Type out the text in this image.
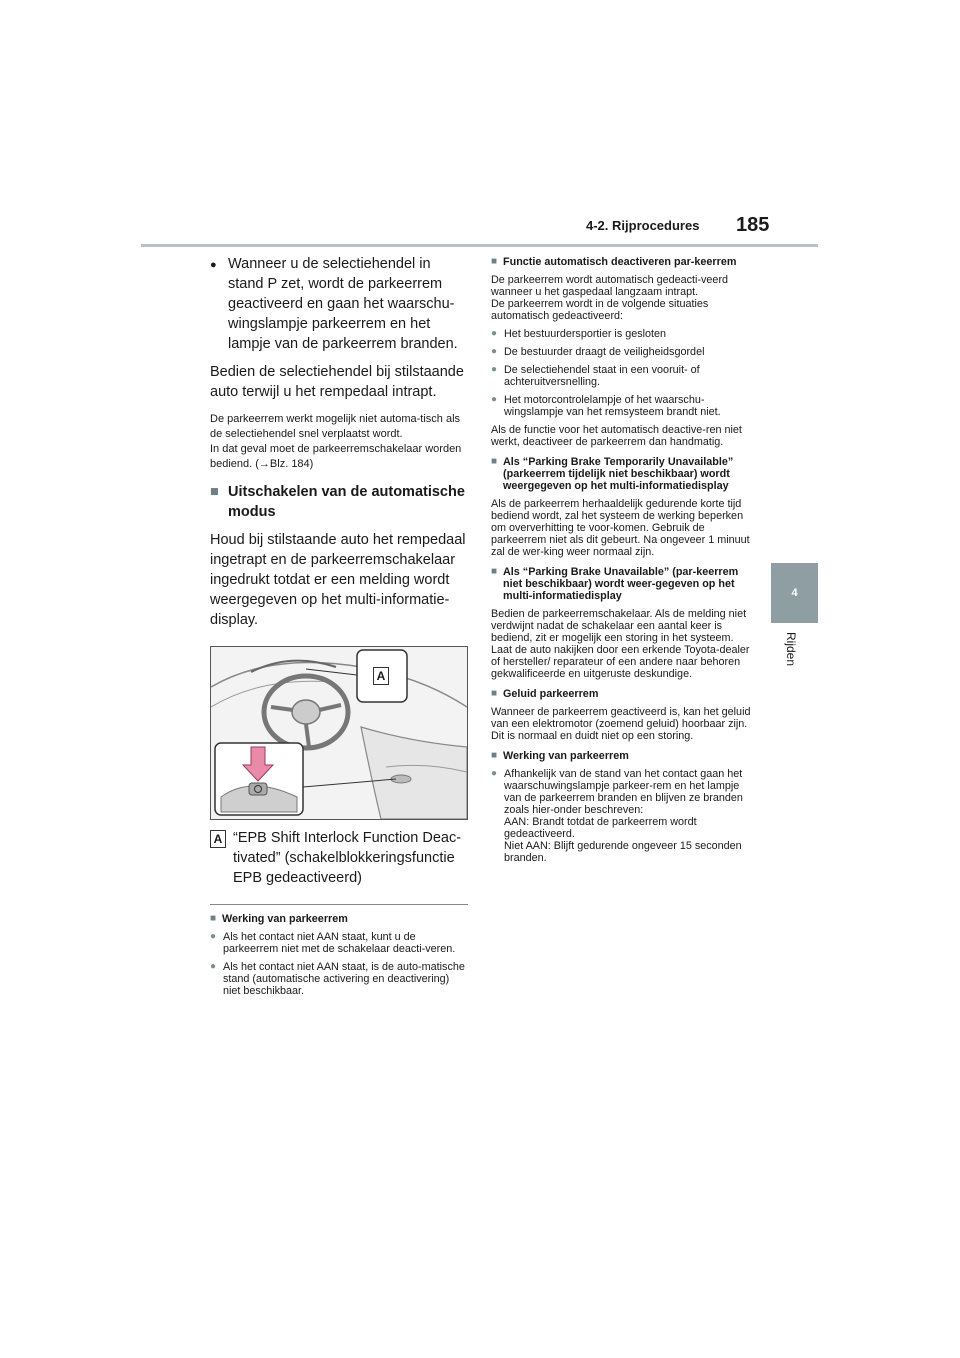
4-2. Rijprocedures 185
4
Rijden
● Wanneer u de selectiehendel in stand P zet, wordt de parkeerrem geactiveerd en gaan het waarschu-wingslampje parkeerrem en het lampje van de parkeerrem branden.

Bedien de selectiehendel bij stilstaande auto terwijl u het rempedaal intrapt.

De parkeerrem werkt mogelijk niet automa-tisch als de selectiehendel snel verplaatst wordt.
In dat geval moet de parkeerremschakelaar worden bediend. (→Blz. 184)

■ Uitschakelen van de automatische modus

Houd bij stilstaande auto het rempedaal ingetrapt en de parkeerremschakelaar ingedrukt totdat er een melding wordt weergegeven op het multi-informatie-display.

A
A “EPB Shift Interlock Function Deac-tivated” (schakelblokkeringsfunctie EPB gedeactiveerd)
■ Werking van parkeerrem
● Als het contact niet AAN staat, kunt u de parkeerrem niet met de schakelaar deacti-veren.
● Als het contact niet AAN staat, is de auto-matische stand (automatische activering en deactivering) niet beschikbaar.
■ Functie automatisch deactiveren par-keerrem

De parkeerrem wordt automatisch gedeacti-veerd wanneer u het gaspedaal langzaam intrapt.
De parkeerrem wordt in de volgende situaties automatisch gedeactiveerd:

● Het bestuurdersportier is gesloten
● De bestuurder draagt de veiligheidsgordel
● De selectiehendel staat in een vooruit- of achteruitversnelling.
● Het motorcontrolelampje of het waarschu-wingslampje van het remsysteem brandt niet.

Als de functie voor het automatisch deactive-ren niet werkt, deactiveer de parkeerrem dan handmatig.

■ Als “Parking Brake Temporarily Unavailable” (parkeerrem tijdelijk niet beschikbaar) wordt weergegeven op het multi-informatiedisplay

Als de parkeerrem herhaaldelijk gedurende korte tijd bediend wordt, zal het systeem de werking beperken om oververhitting te voor-komen. Gebruik de parkeerrem niet als dit gebeurt. Na ongeveer 1 minuut zal de wer-king weer normaal zijn.

■ Als “Parking Brake Unavailable” (par-keerrem niet beschikbaar) wordt weer-gegeven op het multi-informatiedisplay

Bedien de parkeerremschakelaar. Als de melding niet verdwijnt nadat de schakelaar een aantal keer is bediend, zit er mogelijk een storing in het systeem. Laat de auto nakijken door een erkende Toyota-dealer of hersteller/ reparateur of een andere naar behoren gekwalificeerde en uitgeruste deskundige.

■ Geluid parkeerrem

Wanneer de parkeerrem geactiveerd is, kan het geluid van een elektromotor (zoemend geluid) hoorbaar zijn. Dit is normaal en duidt niet op een storing.

■ Werking van parkeerrem
● Afhankelijk van de stand van het contact gaan het waarschuwingslampje parkeer-rem en het lampje van de parkeerrem branden en blijven ze branden zoals hier-onder beschreven:
AAN: Brandt totdat de parkeerrem wordt gedeactiveerd.
Niet AAN: Blijft gedurende ongeveer 15 seconden branden.
